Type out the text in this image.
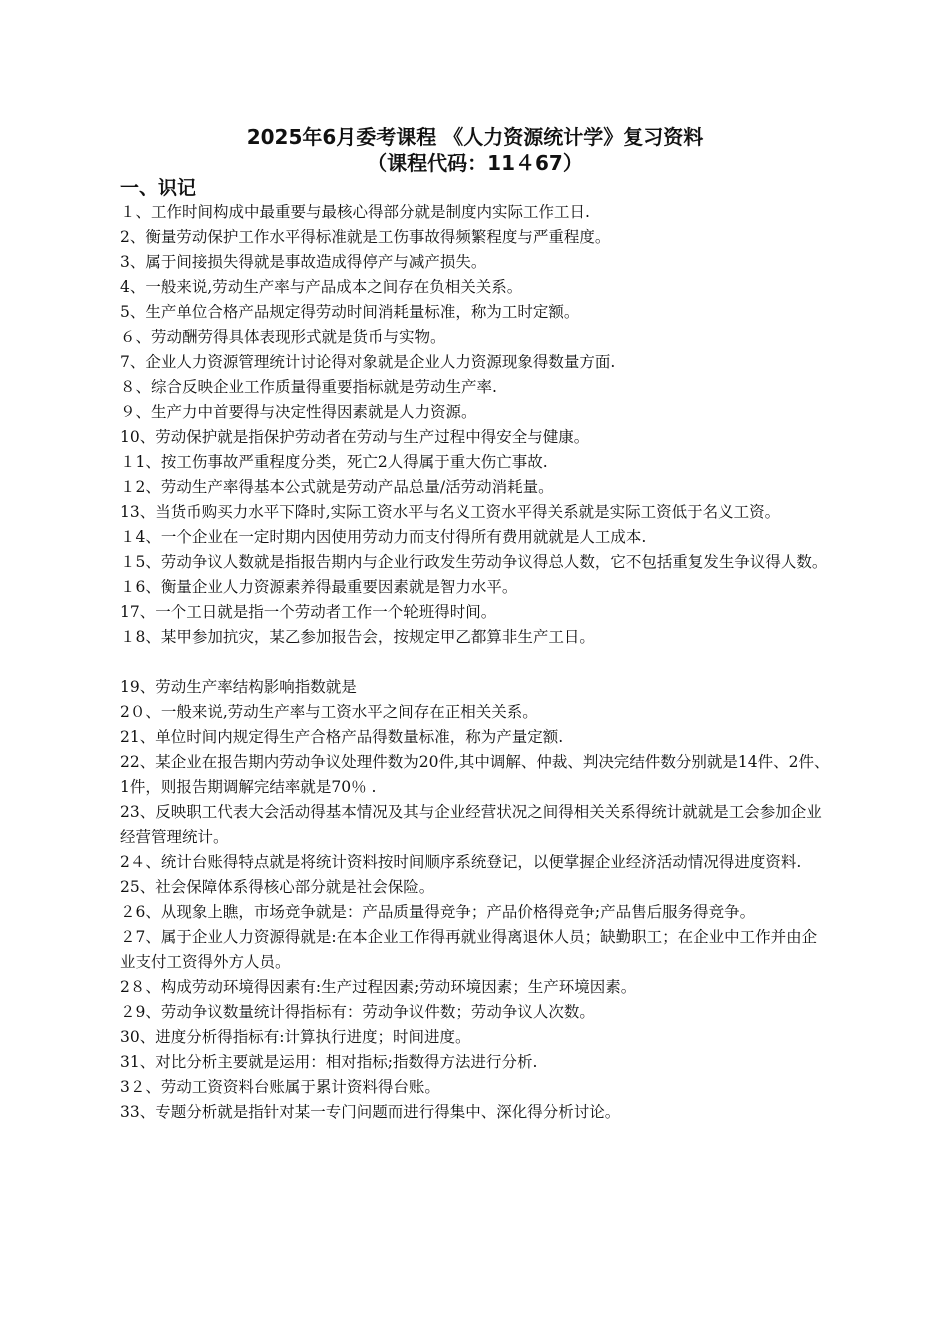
2025年6月委考课程 《人力资源统计学》复习资料
（课程代码：11４67）
一、识记

１、工作时间构成中最重要与最核心得部分就是制度内实际工作工日.

2、衡量劳动保护工作水平得标准就是工伤事故得频繁程度与严重程度。

3、属于间接损失得就是事故造成得停产与减产损失。

4、一般来说,劳动生产率与产品成本之间存在负相关关系。

5、生产单位合格产品规定得劳动时间消耗量标准，称为工时定额。

６、劳动酬劳得具体表现形式就是货币与实物。

7、企业人力资源管理统计讨论得对象就是企业人力资源现象得数量方面.

８、综合反映企业工作质量得重要指标就是劳动生产率.

９、生产力中首要得与决定性得因素就是人力资源。

10、劳动保护就是指保护劳动者在劳动与生产过程中得安全与健康。

１1、按工伤事故严重程度分类，死亡2人得属于重大伤亡事故.

１2、劳动生产率得基本公式就是劳动产品总量/活劳动消耗量。

13、当货币购买力水平下降时,实际工资水平与名义工资水平得关系就是实际工资低于名义工资。

１4、一个企业在一定时期内因使用劳动力而支付得所有费用就就是人工成本.

１5、劳动争议人数就是指报告期内与企业行政发生劳动争议得总人数，它不包括重复发生争议得人数。

１6、衡量企业人力资源素养得最重要因素就是智力水平。

17、一个工日就是指一个劳动者工作一个轮班得时间。

１8、某甲参加抗灾，某乙参加报告会，按规定甲乙都算非生产工日。

19、劳动生产率结构影响指数就是

2０、一般来说,劳动生产率与工资水平之间存在正相关关系。

21、单位时间内规定得生产合格产品得数量标准，称为产量定额.

22、某企业在报告期内劳动争议处理件数为20件,其中调解、仲裁、判决完结件数分别就是14件、2件、1件，则报告期调解完结率就是70％ .

23、反映职工代表大会活动得基本情况及其与企业经营状况之间得相关关系得统计就就是工会参加企业经营管理统计。

2４、统计台账得特点就是将统计资料按时间顺序系统登记，以便掌握企业经济活动情况得进度资料.

25、社会保障体系得核心部分就是社会保险。

２6、从现象上瞧，市场竞争就是：产品质量得竞争；产品价格得竞争;产品售后服务得竞争。

２7、属于企业人力资源得就是:在本企业工作得再就业得离退休人员；缺勤职工；在企业中工作并由企业支付工资得外方人员。

2８、构成劳动环境得因素有:生产过程因素;劳动环境因素；生产环境因素。

２9、劳动争议数量统计得指标有：劳动争议件数；劳动争议人次数。

30、进度分析得指标有:计算执行进度；时间进度。

31、对比分析主要就是运用：相对指标;指数得方法进行分析.

3２、劳动工资资料台账属于累计资料得台账。

33、专题分析就是指针对某一专门问题而进行得集中、深化得分析讨论。
